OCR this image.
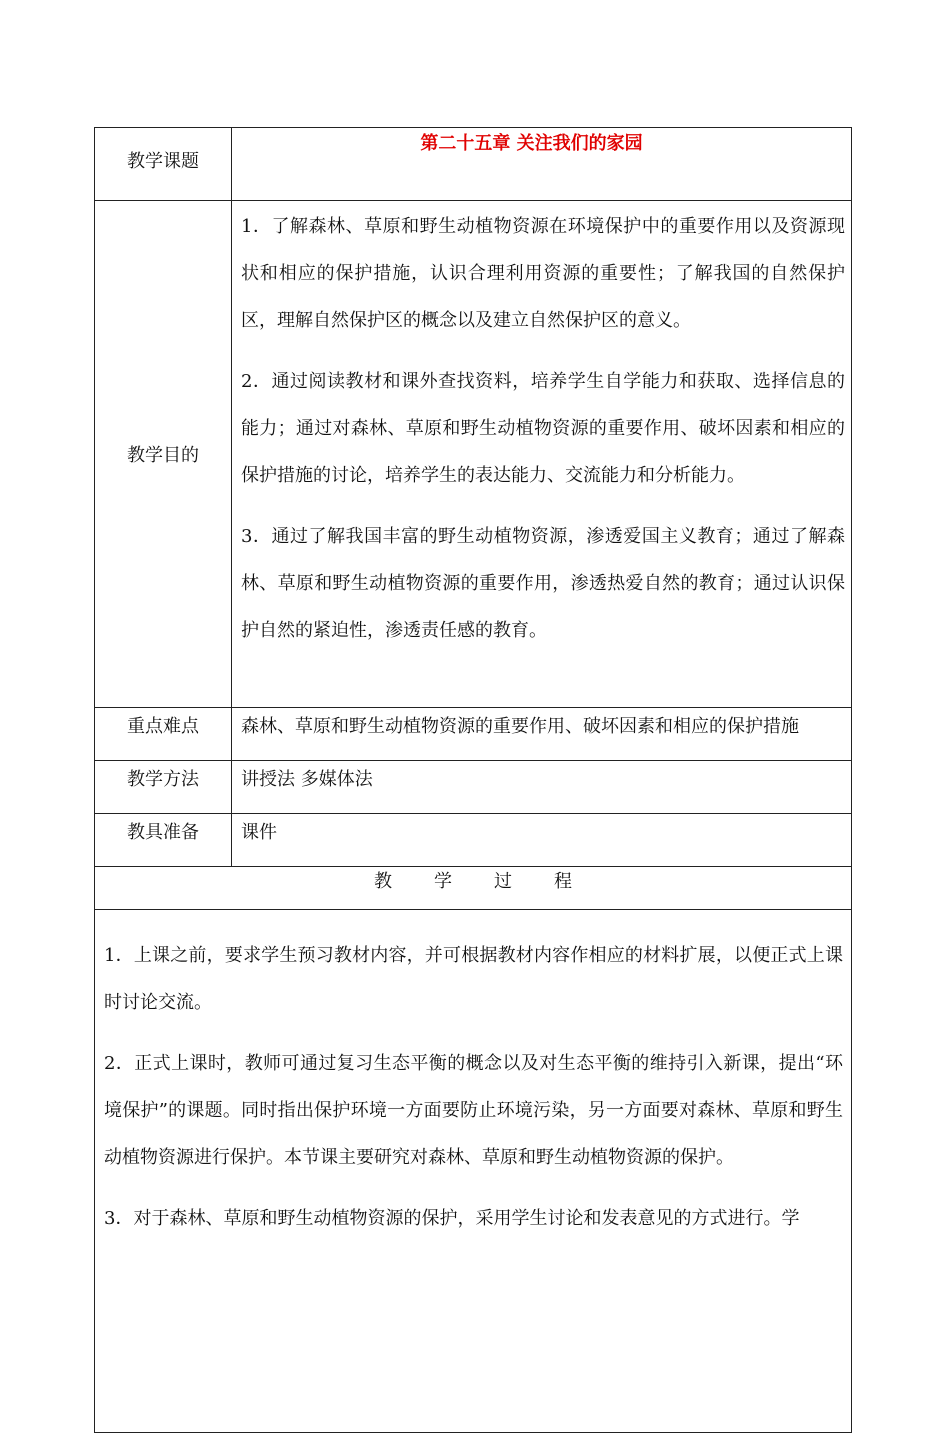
教学课题	第二十五章 关注我们的家园
教学目的	1．了解森林、草原和野生动植物资源在环境保护中的重要作用以及资源现状和相应的保护措施，认识合理利用资源的重要性；了解我国的自然保护区，理解自然保护区的概念以及建立自然保护区的意义。

2．通过阅读教材和课外查找资料，培养学生自学能力和获取、选择信息的能力；通过对森林、草原和野生动植物资源的重要作用、破坏因素和相应的保护措施的讨论，培养学生的表达能力、交流能力和分析能力。

3．通过了解我国丰富的野生动植物资源，渗透爱国主义教育；通过了解森林、草原和野生动植物资源的重要作用，渗透热爱自然的教育；通过认识保护自然的紧迫性，渗透责任感的教育。

重点难点	森林、草原和野生动植物资源的重要作用、破坏因素和相应的保护措施
教学方法	讲授法 多媒体法
教具准备	课件
教 学 过 程	

1．上课之前，要求学生预习教材内容，并可根据教材内容作相应的材料扩展，以便正式上课时讨论交流。

2．正式上课时，教师可通过复习生态平衡的概念以及对生态平衡的维持引入新课，提出“环境保护”的课题。同时指出保护环境一方面要防止环境污染，另一方面要对森林、草原和野生动植物资源进行保护。本节课主要研究对森林、草原和野生动植物资源的保护。

3．对于森林、草原和野生动植物资源的保护，采用学生讨论和发表意见的方式进行。学	
